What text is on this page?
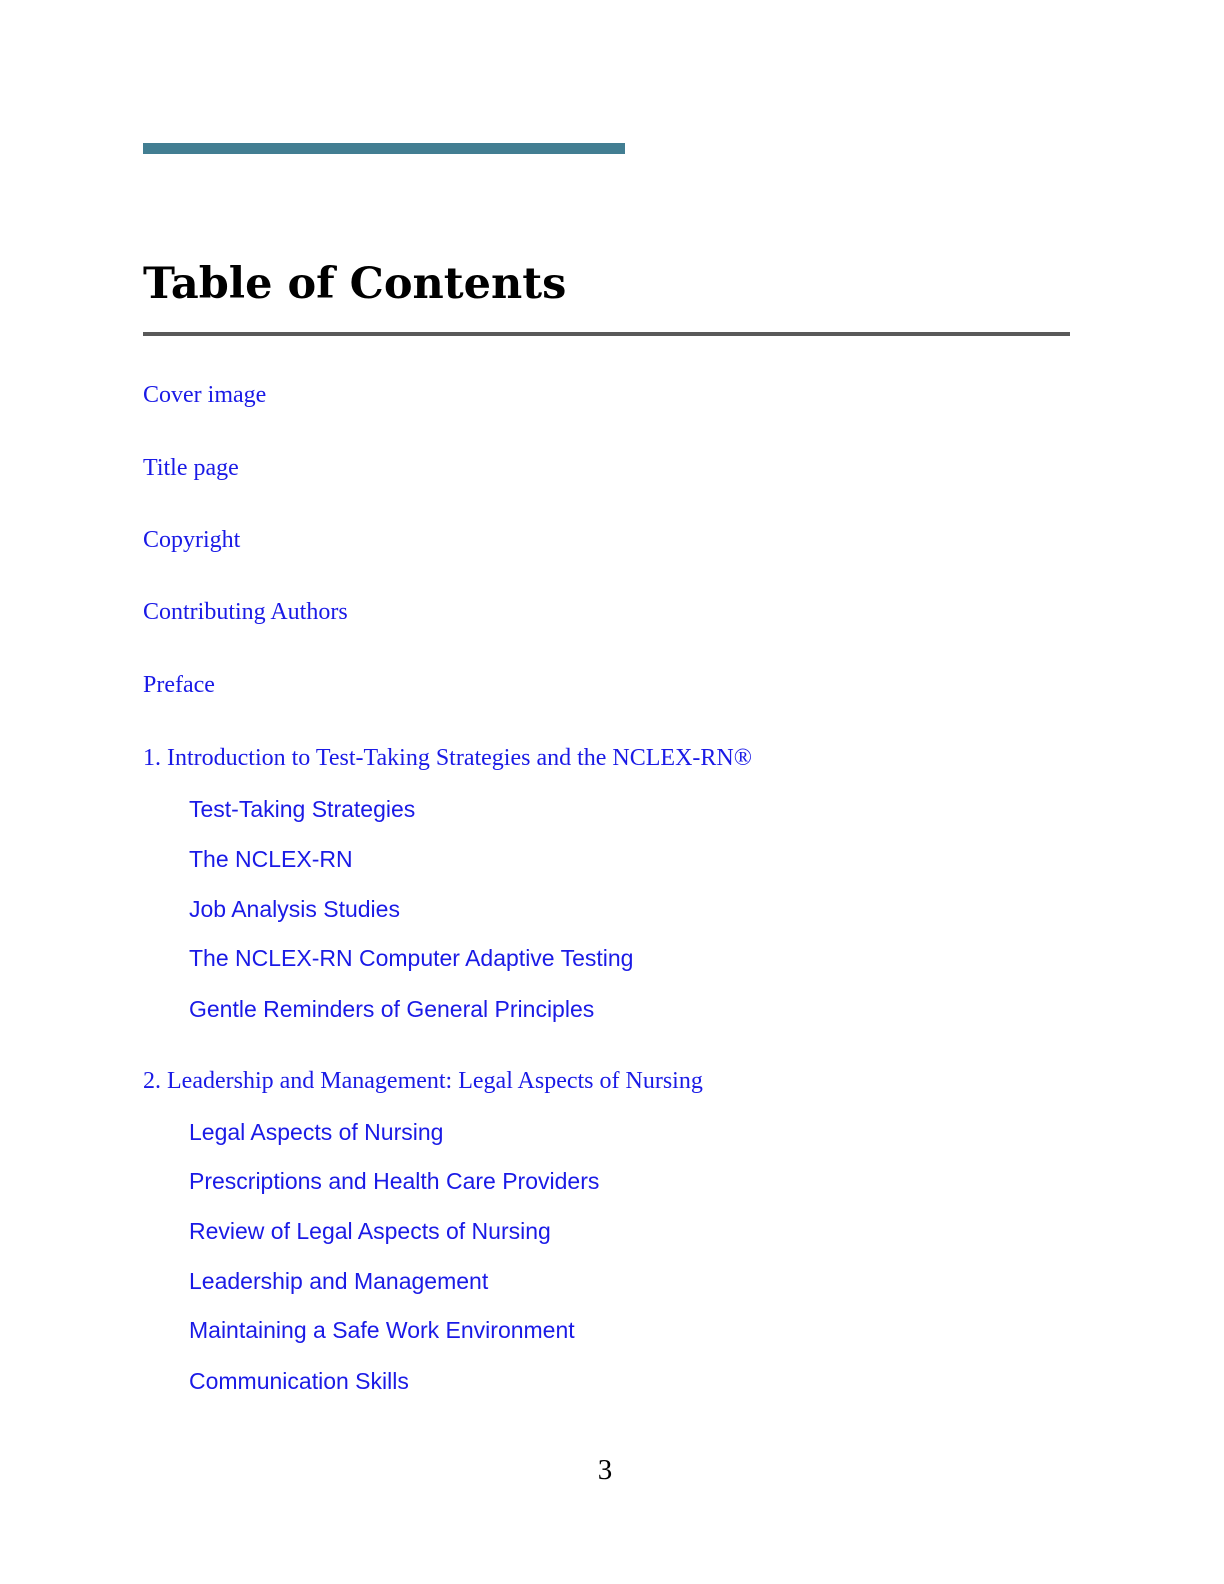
Table of Contents
Cover image
Title page
Copyright
Contributing Authors
Preface
1. Introduction to Test-Taking Strategies and the NCLEX-RN®
Test-Taking Strategies
The NCLEX-RN
Job Analysis Studies
The NCLEX-RN Computer Adaptive Testing
Gentle Reminders of General Principles
2. Leadership and Management: Legal Aspects of Nursing
Legal Aspects of Nursing
Prescriptions and Health Care Providers
Review of Legal Aspects of Nursing
Leadership and Management
Maintaining a Safe Work Environment
Communication Skills
3
